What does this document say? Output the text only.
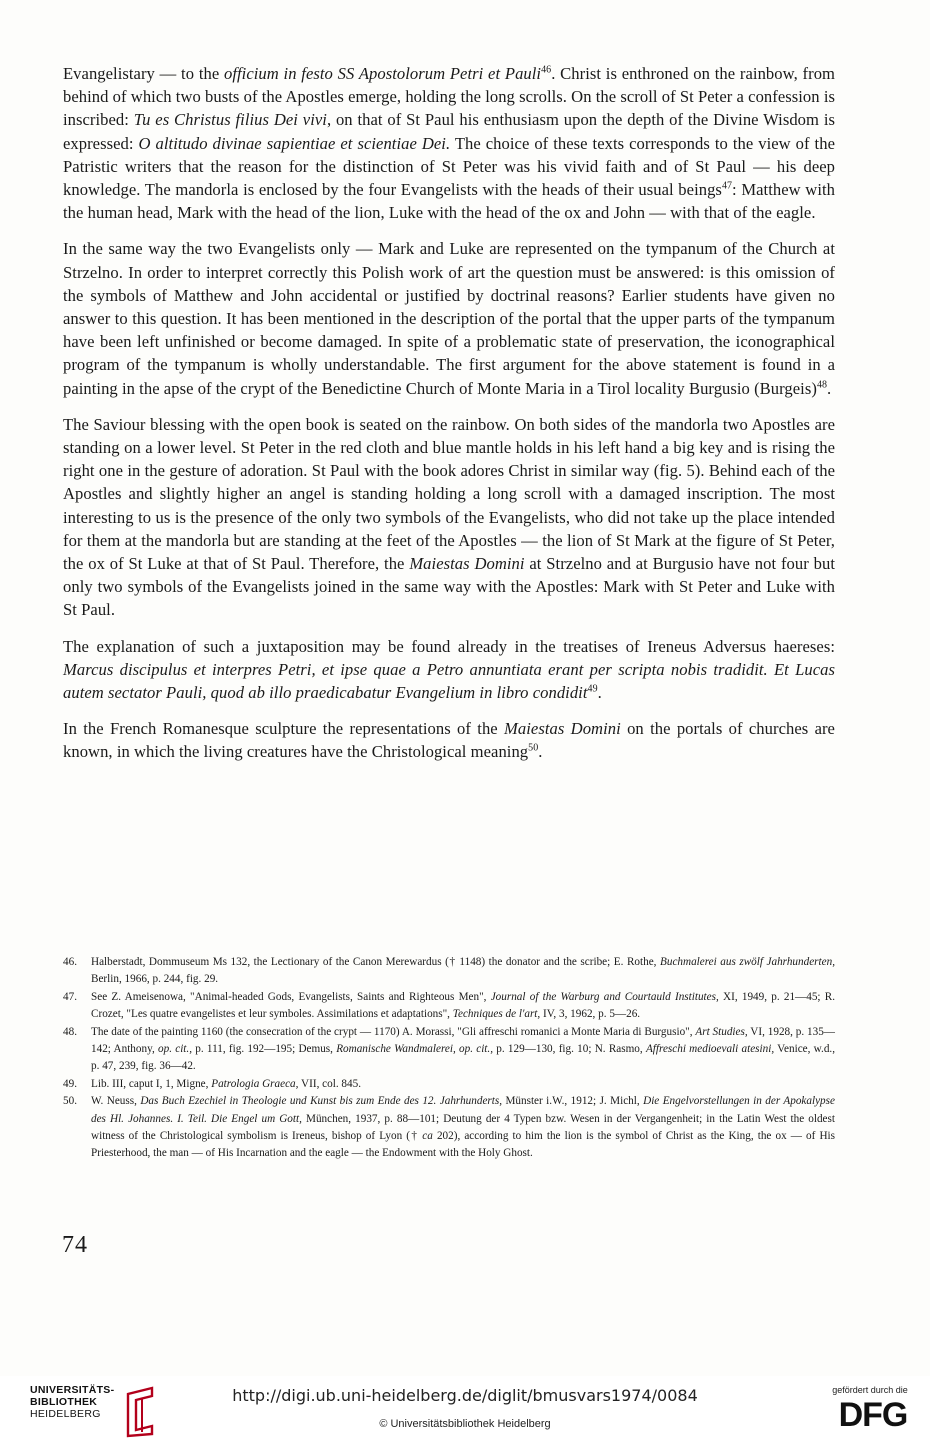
Evangelistary — to the officium in festo SS Apostolorum Petri et Pauli$^{46}$. Christ is enthroned on the rainbow, from behind of which two busts of the Apostles emerge, holding the long scrolls. On the scroll of St Peter a confession is inscribed: Tu es Christus filius Dei vivi, on that of St Paul his enthusiasm upon the depth of the Divine Wisdom is expressed: O altitudo divinae sapientiae et scientiae Dei. The choice of these texts corresponds to the view of the Patristic writers that the reason for the distinction of St Peter was his vivid faith and of St Paul — his deep knowledge. The mandorla is enclosed by the four Evangelists with the heads of their usual beings$^{47}$: Matthew with the human head, Mark with the head of the lion, Luke with the head of the ox and John — with that of the eagle.

In the same way the two Evangelists only — Mark and Luke are represented on the tympanum of the Church at Strzelno. In order to interpret correctly this Polish work of art the question must be answered: is this omission of the symbols of Matthew and John accidental or justified by doctrinal reasons? Earlier students have given no answer to this question. It has been mentioned in the description of the portal that the upper parts of the tympanum have been left unfinished or become damaged. In spite of a problematic state of preservation, the iconographical program of the tympanum is wholly understandable. The first argument for the above statement is found in a painting in the apse of the crypt of the Benedictine Church of Monte Maria in a Tirol locality Burgusio (Burgeis)$^{48}$.

The Saviour blessing with the open book is seated on the rainbow. On both sides of the mandorla two Apostles are standing on a lower level. St Peter in the red cloth and blue mantle holds in his left hand a big key and is rising the right one in the gesture of adoration. St Paul with the book adores Christ in similar way (fig. 5). Behind each of the Apostles and slightly higher an angel is standing holding a long scroll with a damaged inscription. The most interesting to us is the presence of the only two symbols of the Evangelists, who did not take up the place intended for them at the mandorla but are standing at the feet of the Apostles — the lion of St Mark at the figure of St Peter, the ox of St Luke at that of St Paul. Therefore, the Maiestas Domini at Strzelno and at Burgusio have not four but only two symbols of the Evangelists joined in the same way with the Apostles: Mark with St Peter and Luke with St Paul.

The explanation of such a juxtaposition may be found already in the treatises of Ireneus Adversus haereses: Marcus discipulus et interpres Petri, et ipse quae a Petro annuntiata erant per scripta nobis tradidit. Et Lucas autem sectator Pauli, quod ab illo praedicabatur Evangelium in libro condidit$^{49}$.

In the French Romanesque sculpture the representations of the Maiestas Domini on the portals of churches are known, in which the living creatures have the Christological meaning$^{50}$.

46.	Halberstadt, Dommuseum Ms 132, the Lectionary of the Canon Merewardus († 1148) the donator and the scribe; E. Rothe, Buchmalerei aus zwölf Jahrhunderten, Berlin, 1966, p. 244, fig. 29.
47.	See Z. Ameisenowa, "Animal-headed Gods, Evangelists, Saints and Righteous Men", Journal of the Warburg and Courtauld Institutes, XI, 1949, p. 21—45; R. Crozet, "Les quatre evangelistes et leur symboles. Assimilations et adaptations", Techniques de l'art, IV, 3, 1962, p. 5—26.
48.	The date of the painting 1160 (the consecration of the crypt — 1170) A. Morassi, "Gli affreschi romanici a Monte Maria di Burgusio", Art Studies, VI, 1928, p. 135—142; Anthony, op. cit., p. 111, fig. 192—195; Demus, Romanische Wandmalerei, op. cit., p. 129—130, fig. 10; N. Rasmo, Affreschi medioevali atesini, Venice, w.d., p. 47, 239, fig. 36—42.
49.	Lib. III, caput I, 1, Migne, Patrologia Graeca, VII, col. 845.
50.	W. Neuss, Das Buch Ezechiel in Theologie und Kunst bis zum Ende des 12. Jahrhunderts, Münster i.W., 1912; J. Michl, Die Engelvorstellungen in der Apokalypse des Hl. Johannes. I. Teil. Die Engel um Gott, München, 1937, p. 88—101; Deutung der 4 Typen bzw. Wesen in der Vergangenheit; in the Latin West the oldest witness of the Christological symbolism is Ireneus, bishop of Lyon († ca 202), according to him the lion is the symbol of Christ as the King, the ox — of His Priesterhood, the man — of His Incarnation and the eagle — the Endowment with the Holy Ghost.
74
UNIVERSITÄTS-
BIBLIOTHEK
HEIDELBERG
http://digi.ub.uni-heidelberg.de/diglit/bmusvars1974/0084
© Universitätsbibliothek Heidelberg
gefördert durch die
DFG
